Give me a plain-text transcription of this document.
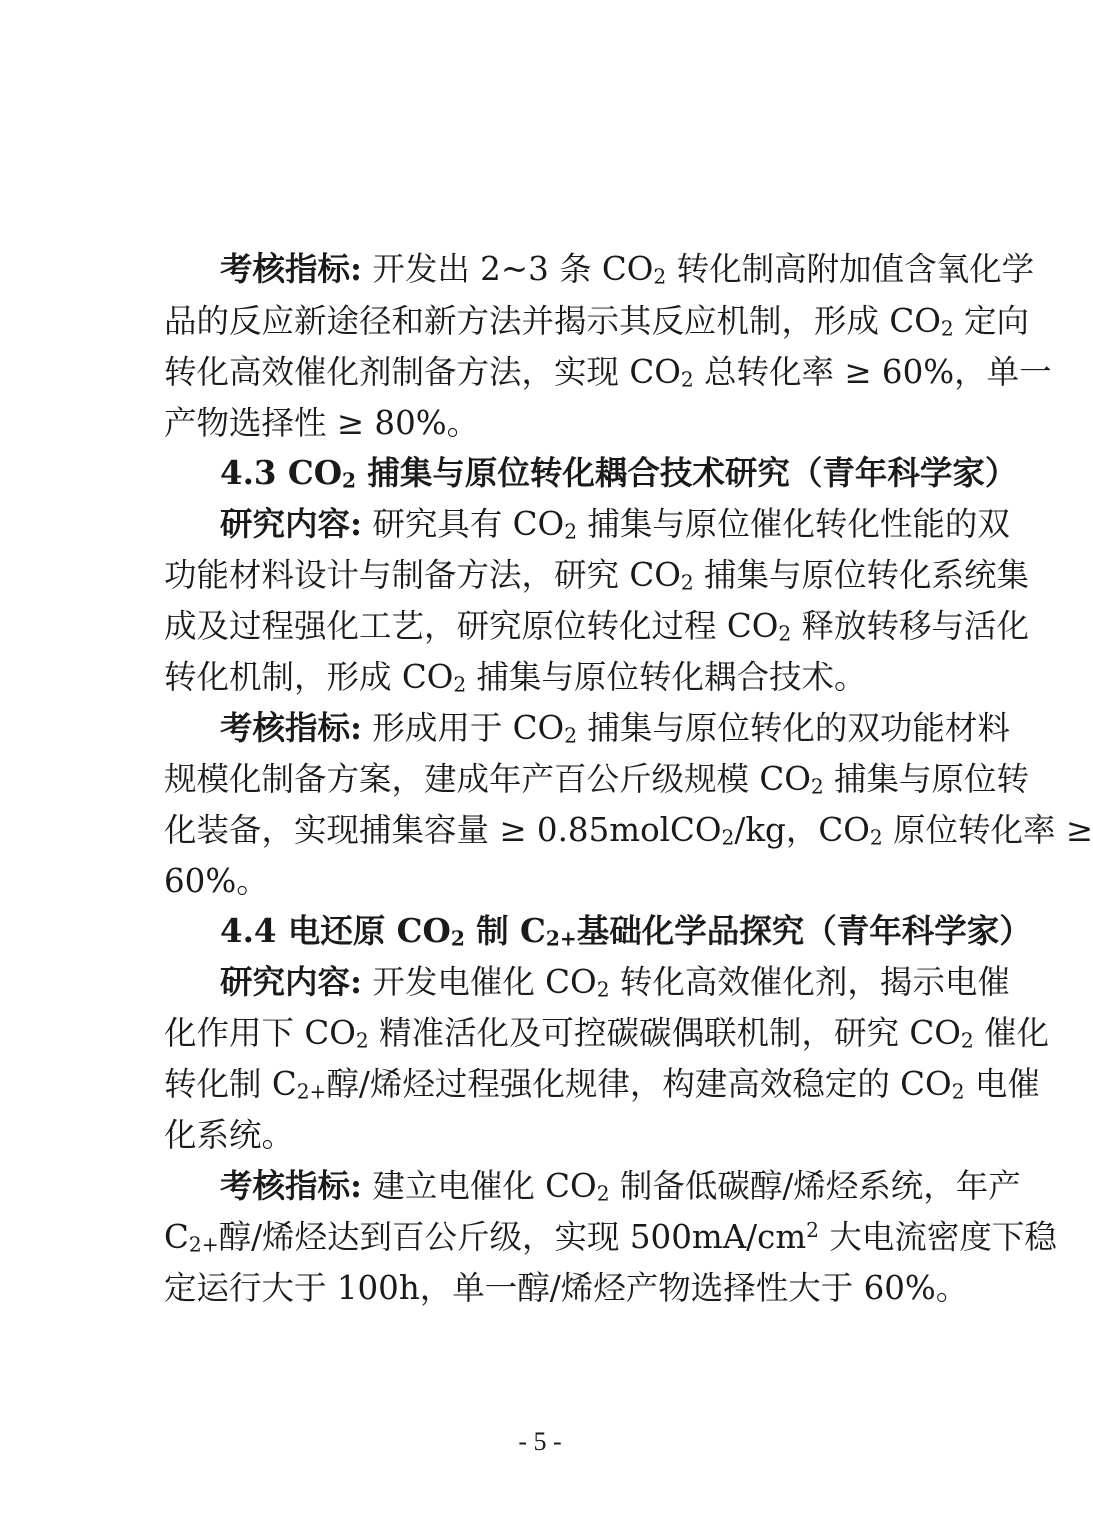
考核指标: 开发出 2~3 条 $CO_2$ 转化制高附加值含氧化学
品的反应新途径和新方法并揭示其反应机制，形成 $CO_2$ 定向
转化高效催化剂制备方法，实现 $CO_2$ 总转化率 ≥ 60%，单一
产物选择性 ≥ 80%。
4.3 $CO_2$ 捕集与原位转化耦合技术研究（青年科学家）
研究内容: 研究具有 $CO_2$ 捕集与原位催化转化性能的双
功能材料设计与制备方法，研究 $CO_2$ 捕集与原位转化系统集
成及过程强化工艺，研究原位转化过程 $CO_2$ 释放转移与活化
转化机制，形成 $CO_2$ 捕集与原位转化耦合技术。
考核指标: 形成用于 $CO_2$ 捕集与原位转化的双功能材料
规模化制备方案，建成年产百公斤级规模 $CO_2$ 捕集与原位转
化装备，实现捕集容量 ≥ 0.85molCO$_2$/kg，$CO_2$ 原位转化率 ≥
60%。
4.4 电还原 $CO_2$ 制 $C_{2+}$基础化学品探究（青年科学家）
研究内容: 开发电催化 $CO_2$ 转化高效催化剂，揭示电催
化作用下 $CO_2$ 精准活化及可控碳碳偶联机制，研究 $CO_2$ 催化
转化制 $C_{2+}$醇/烯烃过程强化规律，构建高效稳定的 $CO_2$ 电催
化系统。
考核指标: 建立电催化 $CO_2$ 制备低碳醇/烯烃系统，年产
$C_{2+}$醇/烯烃达到百公斤级，实现 $500mA/cm^2$ 大电流密度下稳
定运行大于 100h，单一醇/烯烃产物选择性大于 60%。
- 5 -
